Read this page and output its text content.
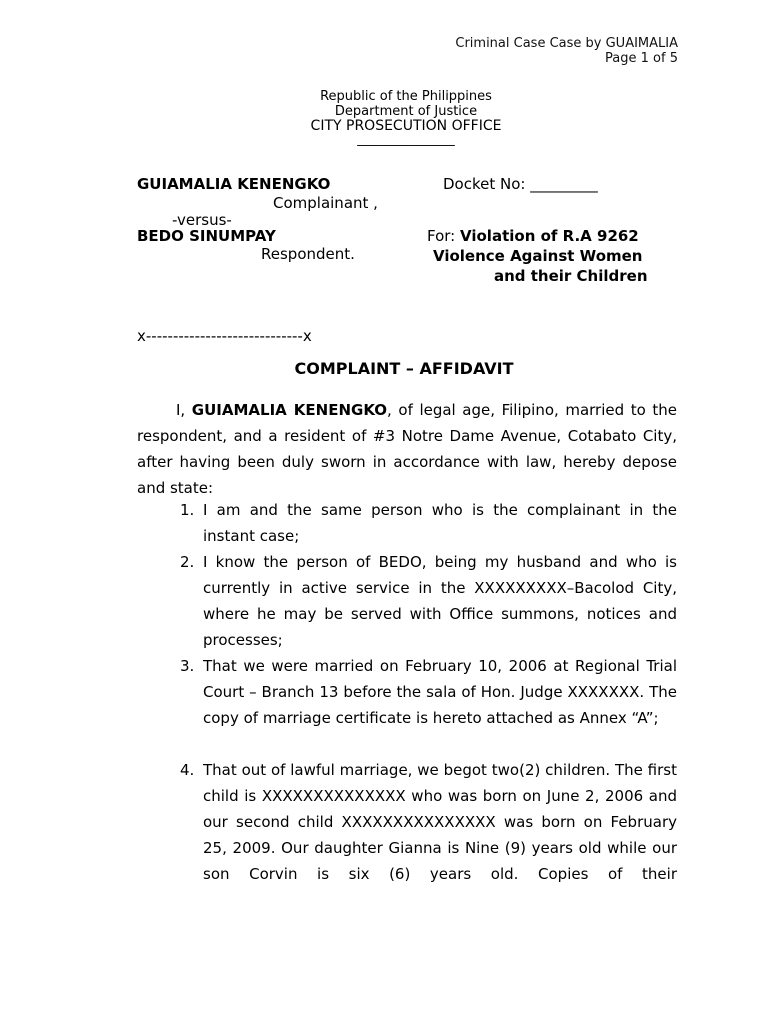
Criminal Case Case by GUAIMALIA
Page 1 of 5
Republic of the Philippines
Department of Justice
CITY PROSECUTION OFFICE
_______________
GUIAMALIA KENENGKO
Complainant ,
-versus-
BEDO SINUMPAY
Respondent.
Docket No: _________
For: Violation of R.A 9262
Violence Against Women
and their Children
x-----------------------------x
COMPLAINT – AFFIDAVIT
I, GUIAMALIA KENENGKO, of legal age, Filipino, married to the respondent, and a resident of #3 Notre Dame Avenue, Cotabato City, after having been duly sworn in accordance with law, hereby depose and state:
1. I am and the same person who is the complainant in the instant case;
2. I know the person of BEDO, being my husband and who is currently in active service in the XXXXXXXXX–Bacolod City, where he may be served with Office summons, notices and processes;
3. That we were married on February 10, 2006 at Regional Trial Court – Branch 13 before the sala of Hon. Judge XXXXXXX. The copy of marriage certificate is hereto attached as Annex “A”;
4. That out of lawful marriage, we begot two(2) children. The first child is XXXXXXXXXXXXXX who was born on June 2, 2006 and our second child XXXXXXXXXXXXXXX was born on February 25, 2009. Our daughter Gianna is Nine (9) years old while our son Corvin is six (6) years old. Copies of their
